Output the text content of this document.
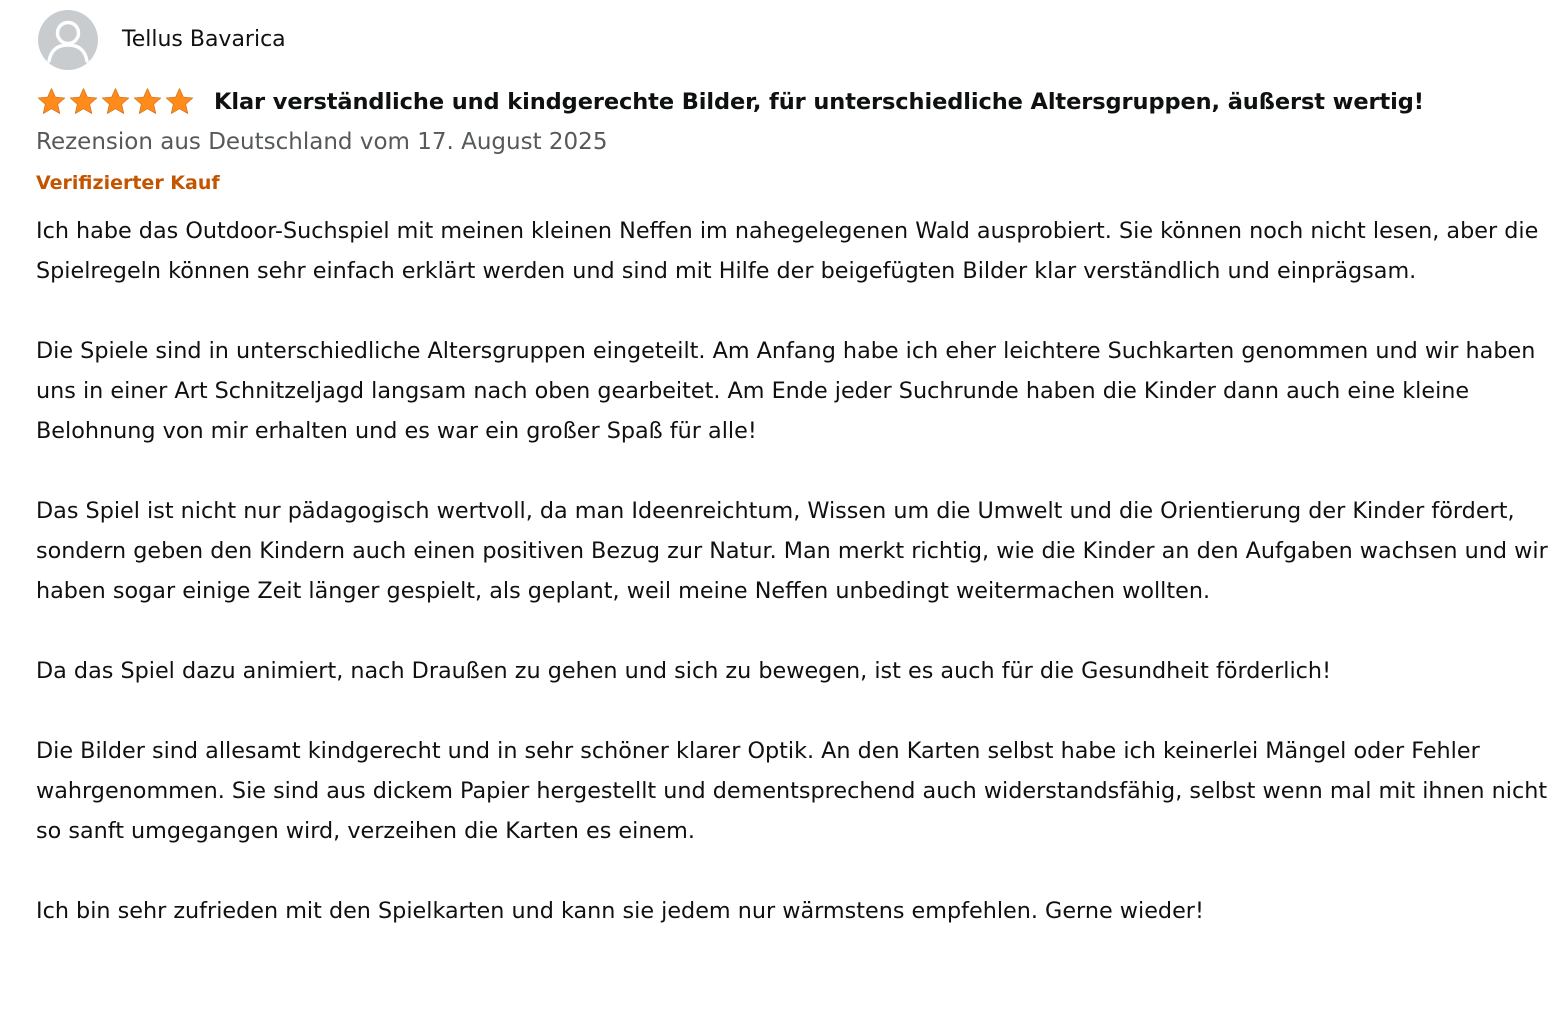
Tellus Bavarica
Klar verständliche und kindgerechte Bilder, für unterschiedliche Altersgruppen, äußerst wertig!
Rezension aus Deutschland vom 17. August 2025
Verifizierter Kauf

Ich habe das Outdoor-Suchspiel mit meinen kleinen Neffen im nahegelegenen Wald ausprobiert. Sie können noch nicht lesen, aber die Spielregeln können sehr einfach erklärt werden und sind mit Hilfe der beigefügten Bilder klar verständlich und einprägsam.

Die Spiele sind in unterschiedliche Altersgruppen eingeteilt. Am Anfang habe ich eher leichtere Suchkarten genommen und wir haben uns in einer Art Schnitzeljagd langsam nach oben gearbeitet. Am Ende jeder Suchrunde haben die Kinder dann auch eine kleine Belohnung von mir erhalten und es war ein großer Spaß für alle!

Das Spiel ist nicht nur pädagogisch wertvoll, da man Ideenreichtum, Wissen um die Umwelt und die Orientierung der Kinder fördert, sondern geben den Kindern auch einen positiven Bezug zur Natur. Man merkt richtig, wie die Kinder an den Aufgaben wachsen und wir haben sogar einige Zeit länger gespielt, als geplant, weil meine Neffen unbedingt weitermachen wollten.

Da das Spiel dazu animiert, nach Draußen zu gehen und sich zu bewegen, ist es auch für die Gesundheit förderlich!

Die Bilder sind allesamt kindgerecht und in sehr schöner klarer Optik. An den Karten selbst habe ich keinerlei Mängel oder Fehler wahrgenommen. Sie sind aus dickem Papier hergestellt und dementsprechend auch widerstandsfähig, selbst wenn mal mit ihnen nicht so sanft umgegangen wird, verzeihen die Karten es einem.

Ich bin sehr zufrieden mit den Spielkarten und kann sie jedem nur wärmstens empfehlen. Gerne wieder!
